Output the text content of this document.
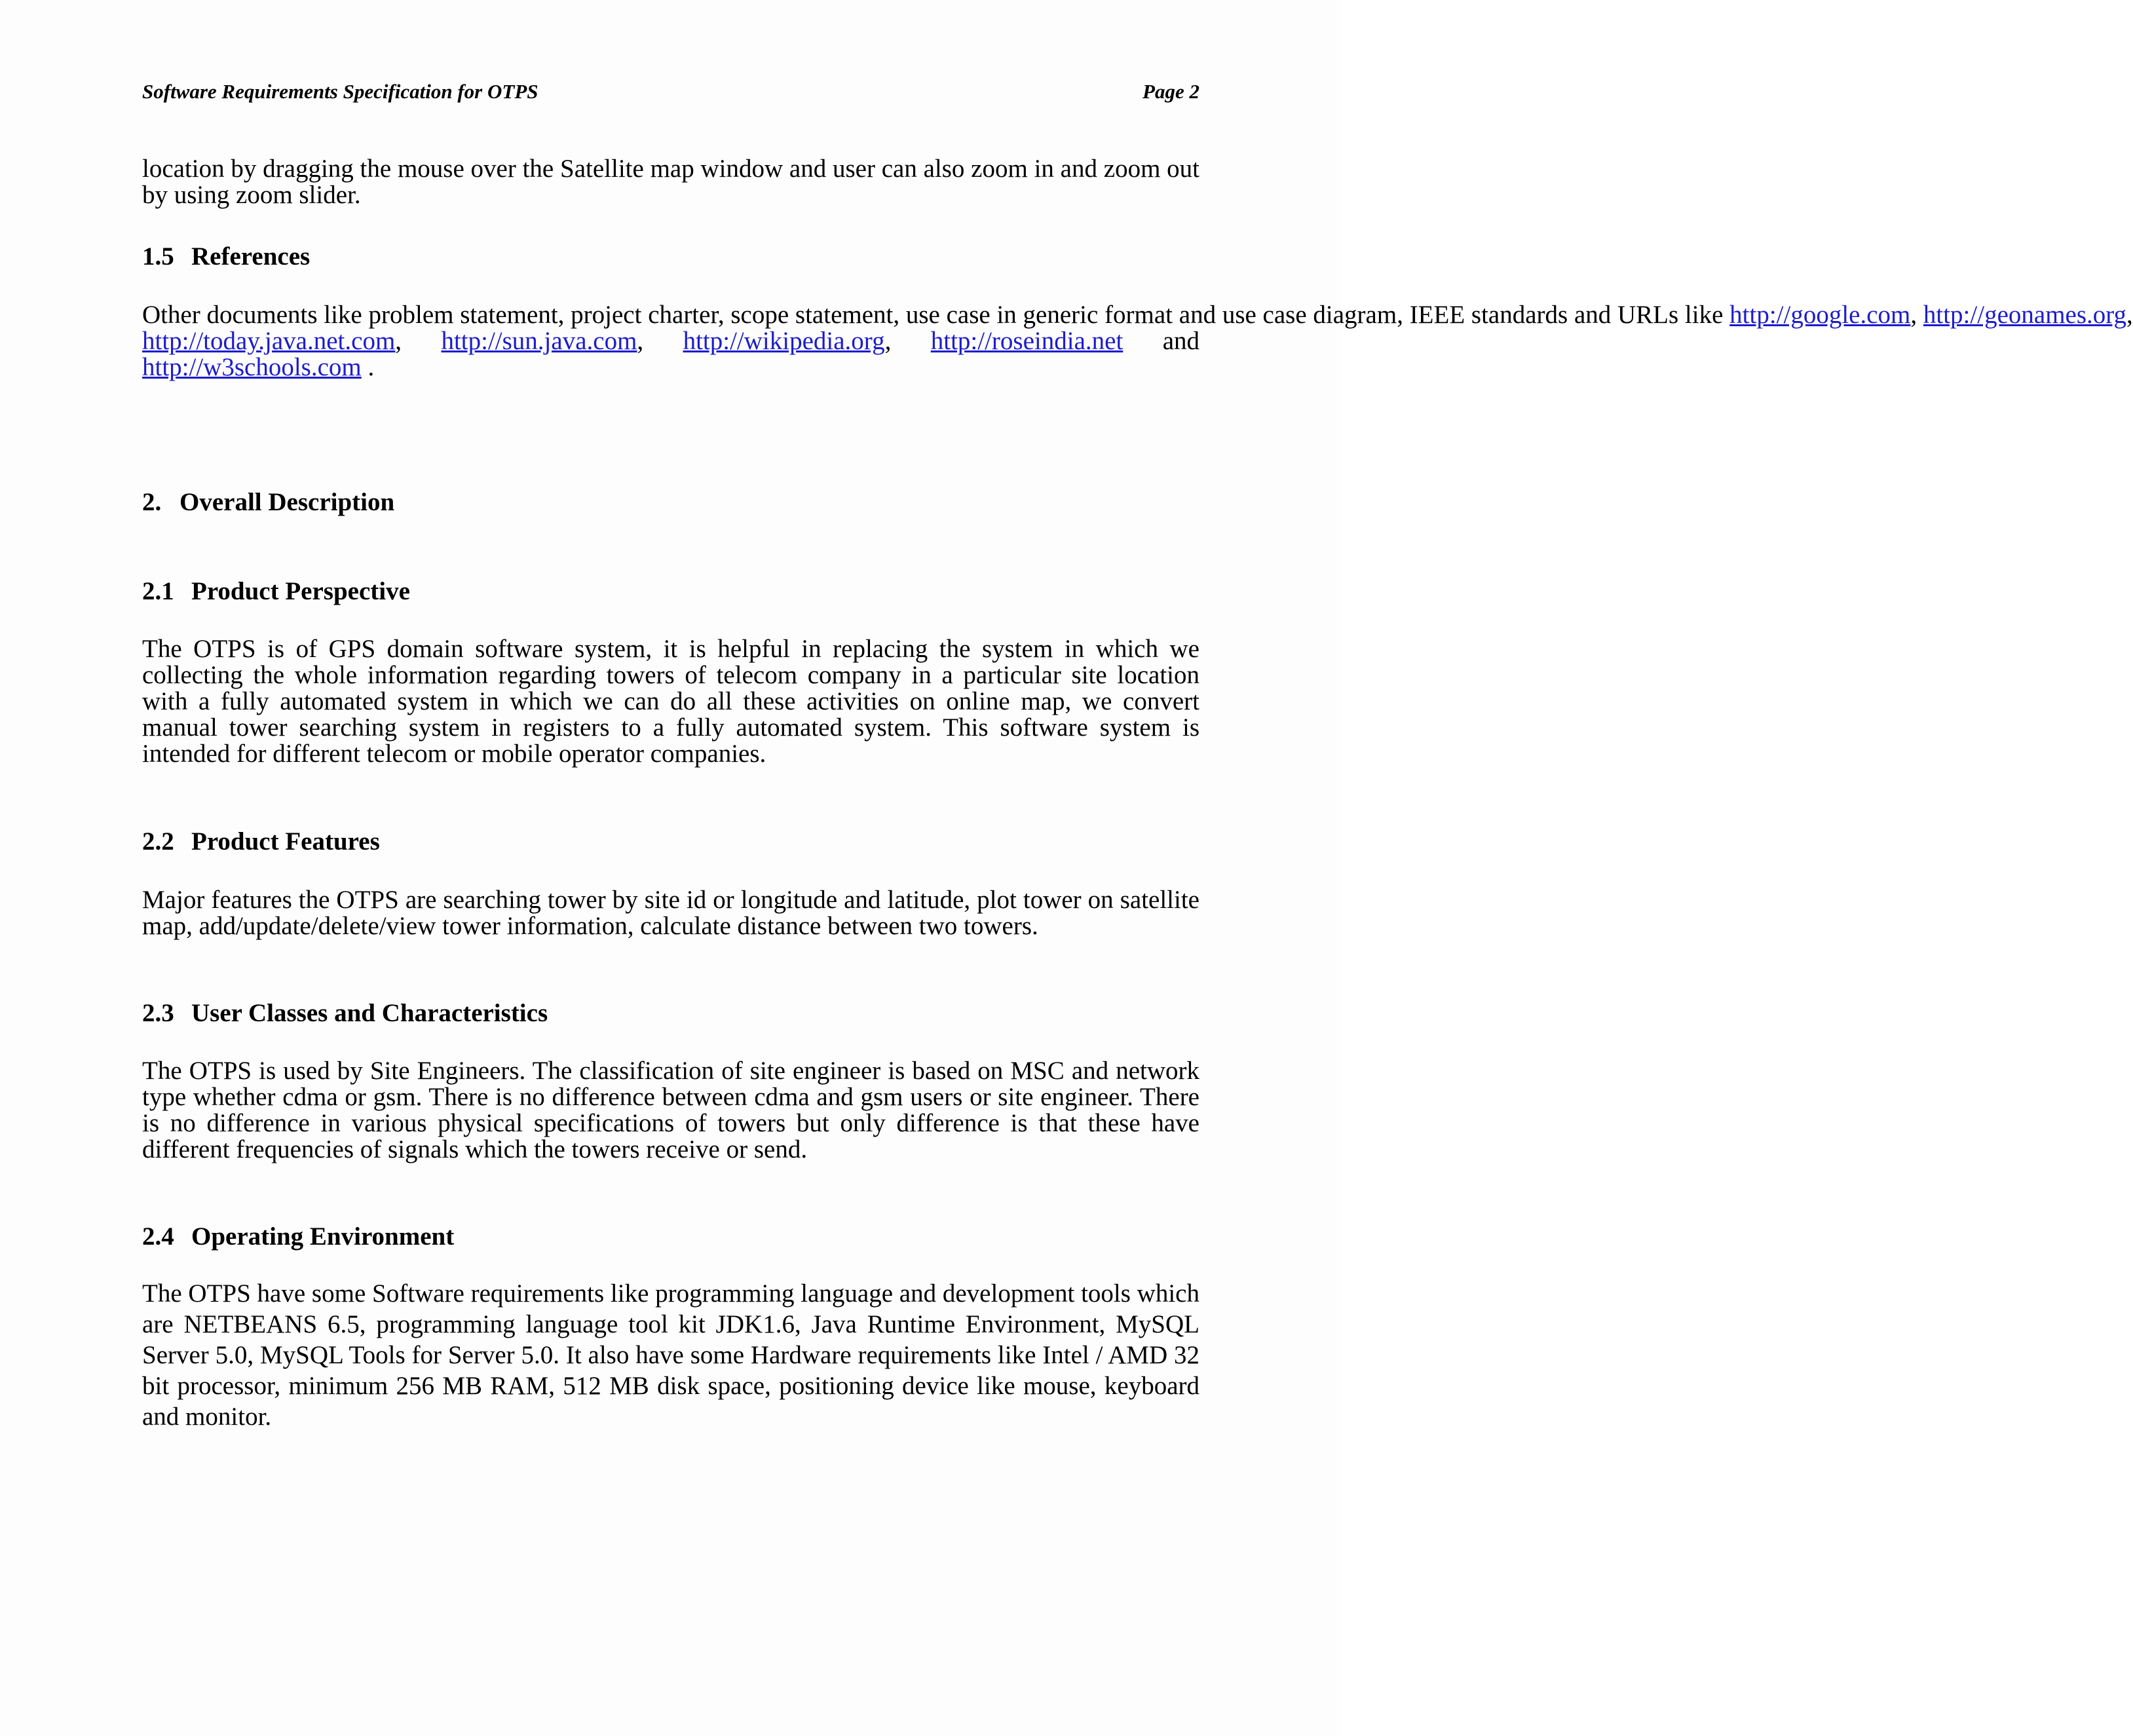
Software Requirements Specification for OTPS	Page 2

location by dragging the mouse over the Satellite map window and user can also zoom in and zoom out by using zoom slider.

1.5 References
Other documents like problem statement, project charter, scope statement, use case in generic format and use case diagram, IEEE standards and URLs like http://google.com, http://geonames.org,
http://today.java.net.com, http://sun.java.com, http://wikipedia.org, http://roseindia.net and
http://w3schools.com .
2. Overall Description
2.1 Product Perspective

The OTPS is of GPS domain software system, it is helpful in replacing the system in which we collecting the whole information regarding towers of telecom company in a particular site location with a fully automated system in which we can do all these activities on online map, we convert manual tower searching system in registers to a fully automated system. This software system is intended for different telecom or mobile operator companies.

2.2 Product Features

Major features the OTPS are searching tower by site id or longitude and latitude, plot tower on satellite map, add/update/delete/view tower information, calculate distance between two towers.

2.3 User Classes and Characteristics

The OTPS is used by Site Engineers. The classification of site engineer is based on MSC and network type whether cdma or gsm. There is no difference between cdma and gsm users or site engineer. There is no difference in various physical specifications of towers but only difference is that these have different frequencies of signals which the towers receive or send.

2.4 Operating Environment

The OTPS have some Software requirements like programming language and development tools which are NETBEANS 6.5, programming language tool kit JDK1.6, Java Runtime Environment, MySQL Server 5.0, MySQL Tools for Server 5.0. It also have some Hardware requirements like Intel / AMD 32 bit processor, minimum 256 MB RAM, 512 MB disk space, positioning device like mouse, keyboard and monitor.
